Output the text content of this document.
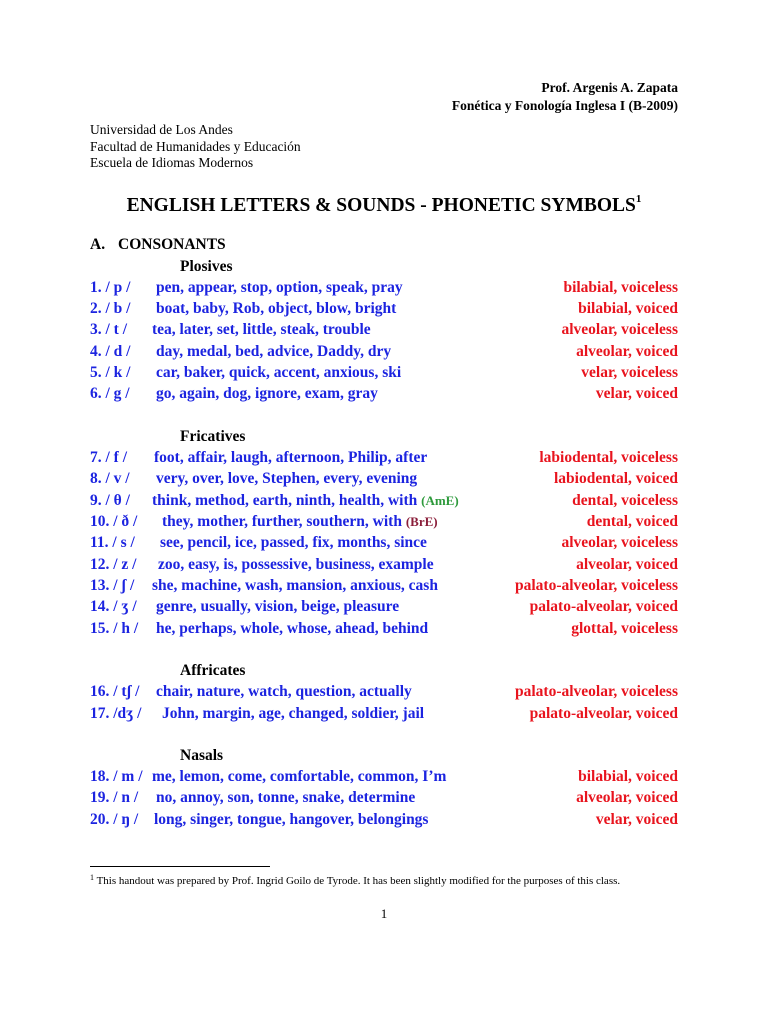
Prof. Argenis A. Zapata
Fonética y Fonología Inglesa I (B-2009)
Universidad de Los Andes
Facultad de Humanidades y Educación
Escuela de Idiomas Modernos
ENGLISH LETTERS & SOUNDS - PHONETIC SYMBOLS$^1$
A. CONSONANTS
Plosives
Fricatives
Affricates
Nasals
1. / p / pen, appear, stop, option, speak, pray	bilabial, voiceless
2. / b / boat, baby, Rob, object, blow, bright	bilabial, voiced
3. / t / tea, later, set, little, steak, trouble	alveolar, voiceless
4. / d / day, medal, bed, advice, Daddy, dry	alveolar, voiced
5. / k / car, baker, quick, accent, anxious, ski	velar, voiceless
6. / g / go, again, dog, ignore, exam, gray	velar, voiced
7. / f / foot, affair, laugh, afternoon, Philip, after	labiodental, voiceless
8. / v / very, over, love, Stephen, every, evening	labiodental, voiced
9. / θ / think, method, earth, ninth, health, with (AmE)	dental, voiceless
10. / ð / they, mother, further, southern, with (BrE)	dental, voiced
11. / s / see, pencil, ice, passed, fix, months, since	alveolar, voiceless
12. / z / zoo, easy, is, possessive, business, example	alveolar, voiced
13. / ʃ / she, machine, wash, mansion, anxious, cash	palato-alveolar, voiceless
14. / ʒ / genre, usually, vision, beige, pleasure	palato-alveolar, voiced
15. / h / he, perhaps, whole, whose, ahead, behind	glottal, voiceless
16. / tʃ / chair, nature, watch, question, actually	palato-alveolar, voiceless
17. /dʒ / John, margin, age, changed, soldier, jail	palato-alveolar, voiced
18. / m / me, lemon, come, comfortable, common, I’m	bilabial, voiced
19. / n / no, annoy, son, tonne, snake, determine	alveolar, voiced
20. / ŋ / long, singer, tongue, hangover, belongings	velar, voiced
$^1$ This handout was prepared by Prof. Ingrid Goilo de Tyrode. It has been slightly modified for the purposes of this class.
1
